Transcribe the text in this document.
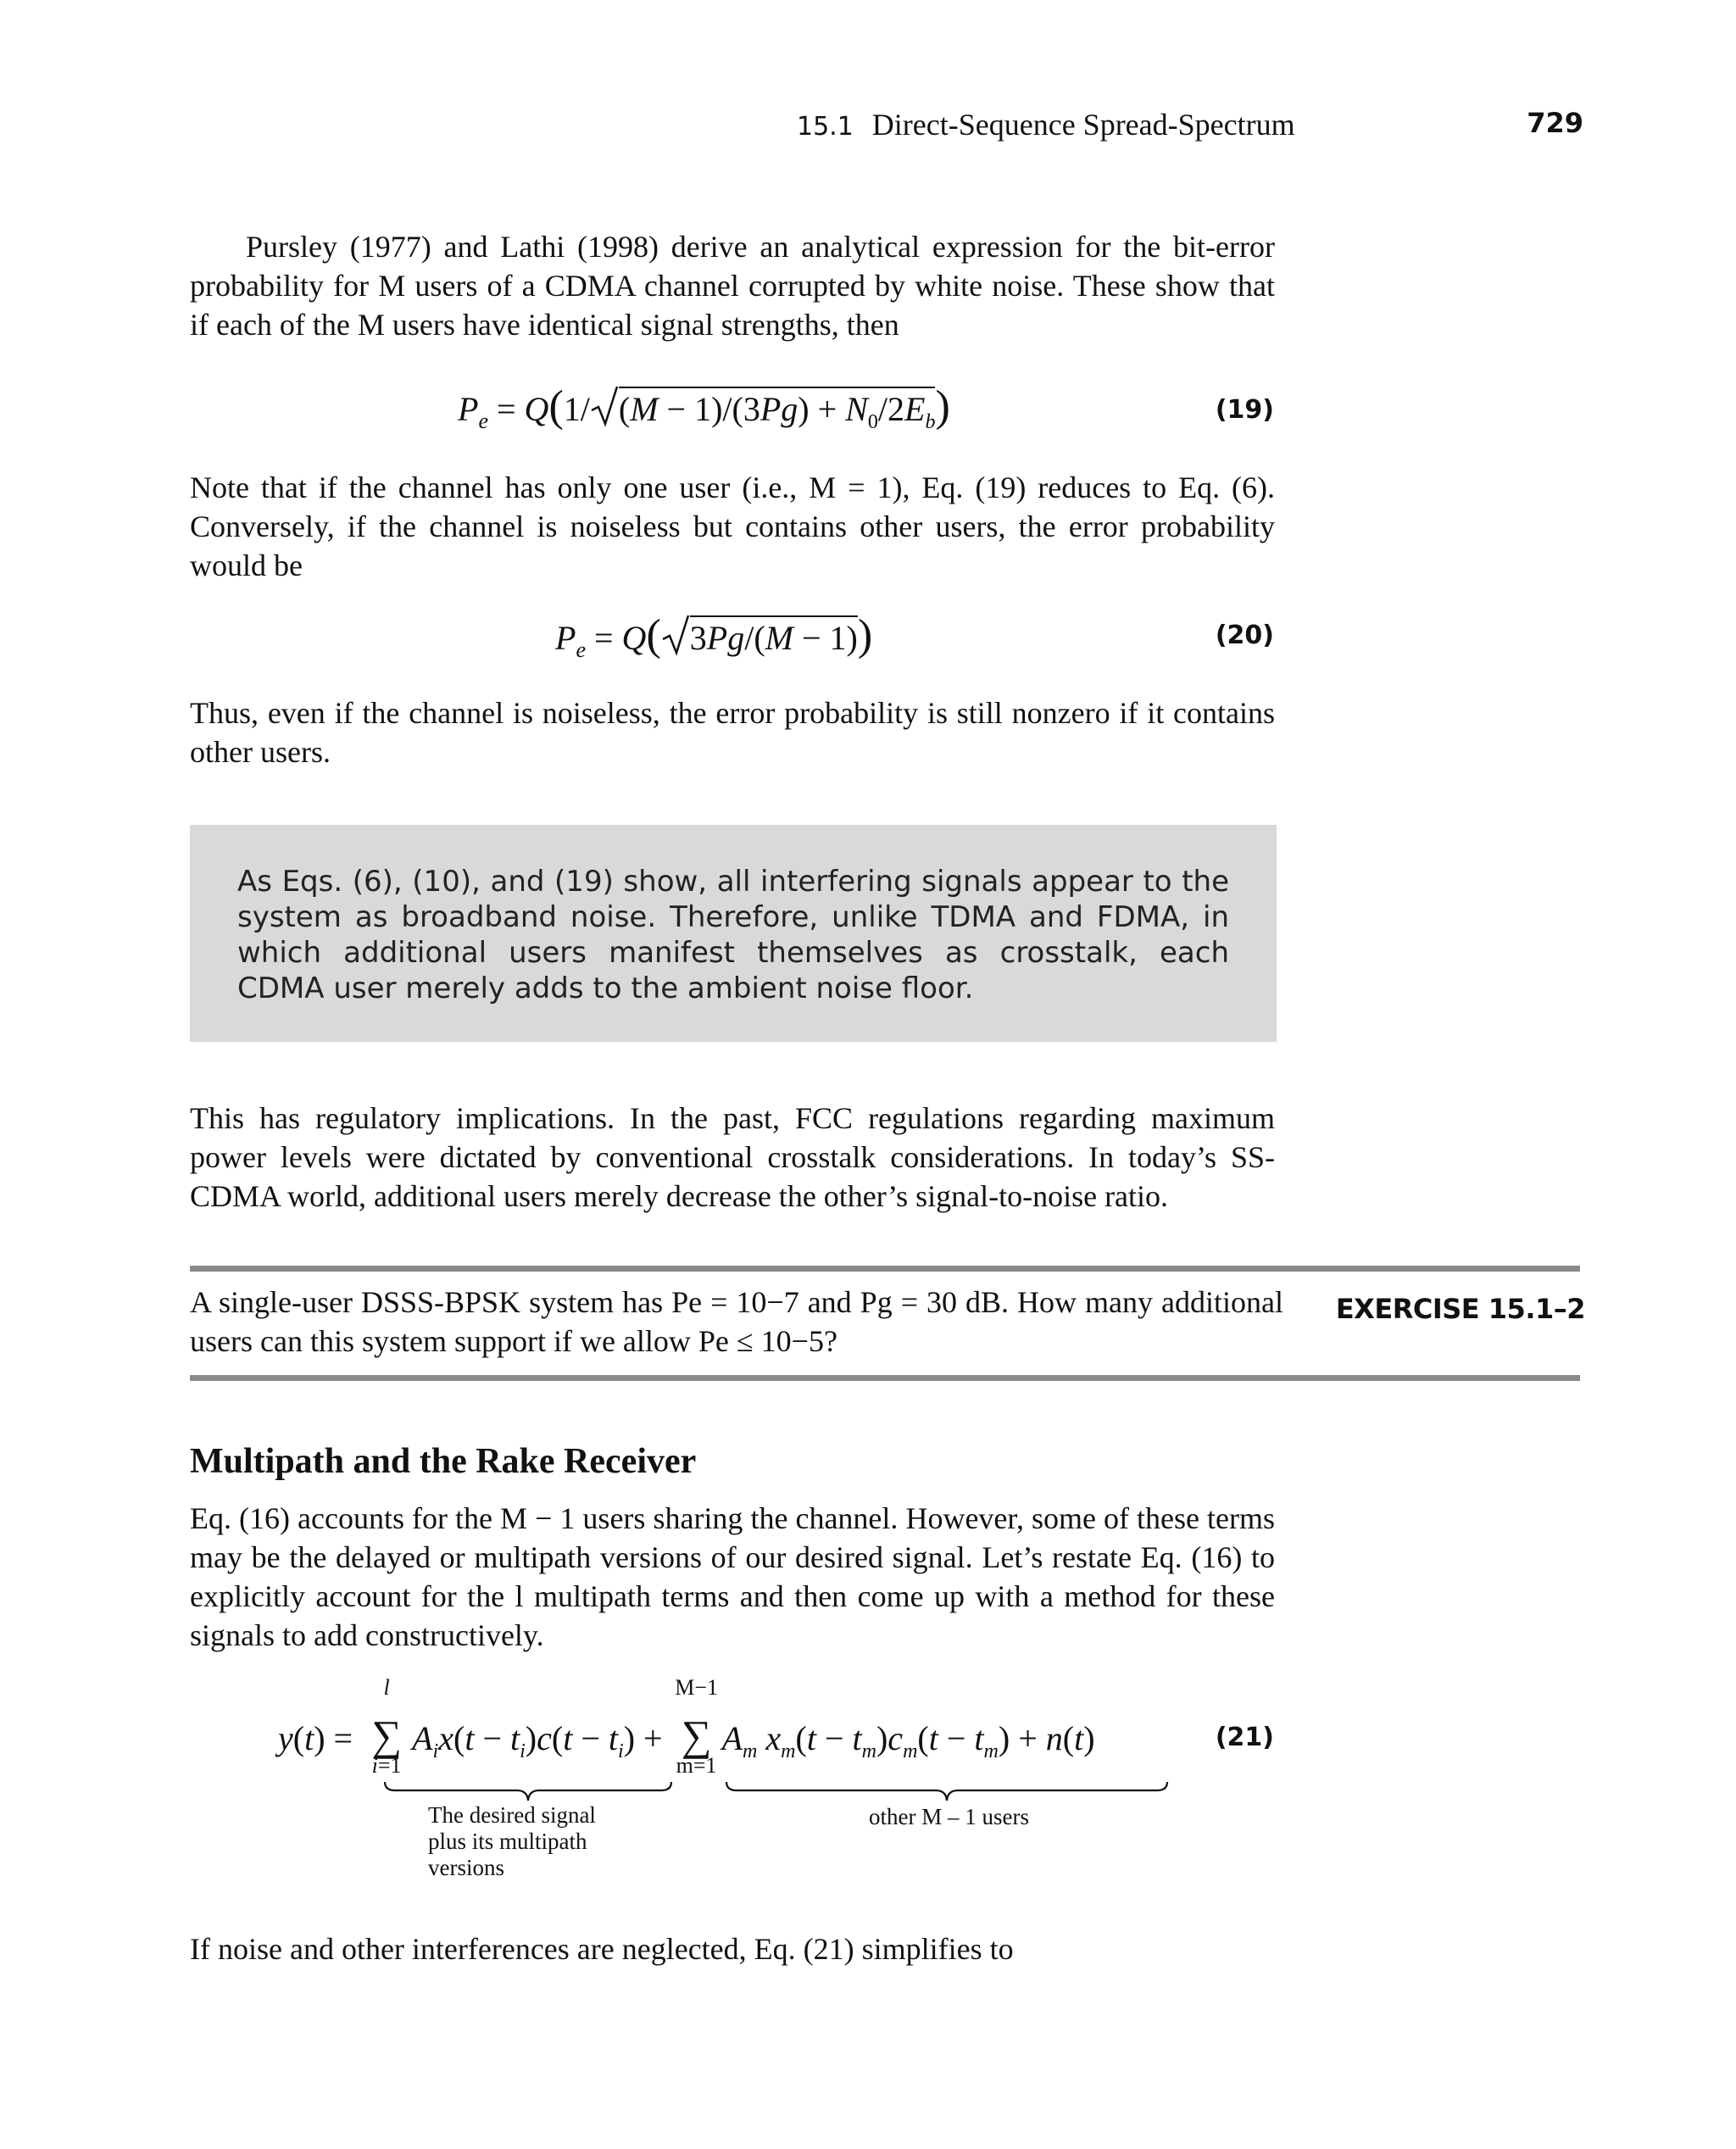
15.1 Direct-Sequence Spread-Spectrum	729
Pursley (1977) and Lathi (1998) derive an analytical expression for the bit-error probability for M users of a CDMA channel corrupted by white noise. These show that if each of the M users have identical signal strengths, then
$P_e = Q(1/$ $(M - 1)/(3Pg) + N_0/2E_b$)	(19)
Note that if the channel has only one user (i.e., M = 1), Eq. (19) reduces to Eq. (6). Conversely, if the channel is noiseless but contains other users, the error probability would be
$P_e = Q$( 3Pg/(M − 1))	(20)
Thus, even if the channel is noiseless, the error probability is still nonzero if it contains other users.
As Eqs. (6), (10), and (19) show, all interfering signals appear to the system as broadband noise. Therefore, unlike TDMA and FDMA, in which additional users manifest themselves as crosstalk, each CDMA user merely adds to the ambient noise floor.
This has regulatory implications. In the past, FCC regulations regarding maximum power levels were dictated by conventional crosstalk considerations. In today’s SS-CDMA world, additional users merely decrease the other’s signal-to-noise ratio.
A single-user DSSS-BPSK system has Pe = 10−7 and Pg = 30 dB. How many additional users can this system support if we allow Pe ≤ 10−5?
EXERCISE 15.1–2
Multipath and the Rake Receiver
Eq. (16) accounts for the M − 1 users sharing the channel. However, some of these terms may be the delayed or multipath versions of our desired signal. Let’s restate Eq. (16) to explicitly account for the l multipath terms and then come up with a method for these signals to add constructively.
y(t) =
l
∑
i=1
$A_ix(t - t_i)c(t - t_i)$ +
M−1
∑
m=1
$A_m$ $x_m(t - t_m)c_m(t - t_m) + n(t)$	(21)
The desired signal plus its multipath versions
other M – 1 users
If noise and other interferences are neglected, Eq. (21) simplifies to
